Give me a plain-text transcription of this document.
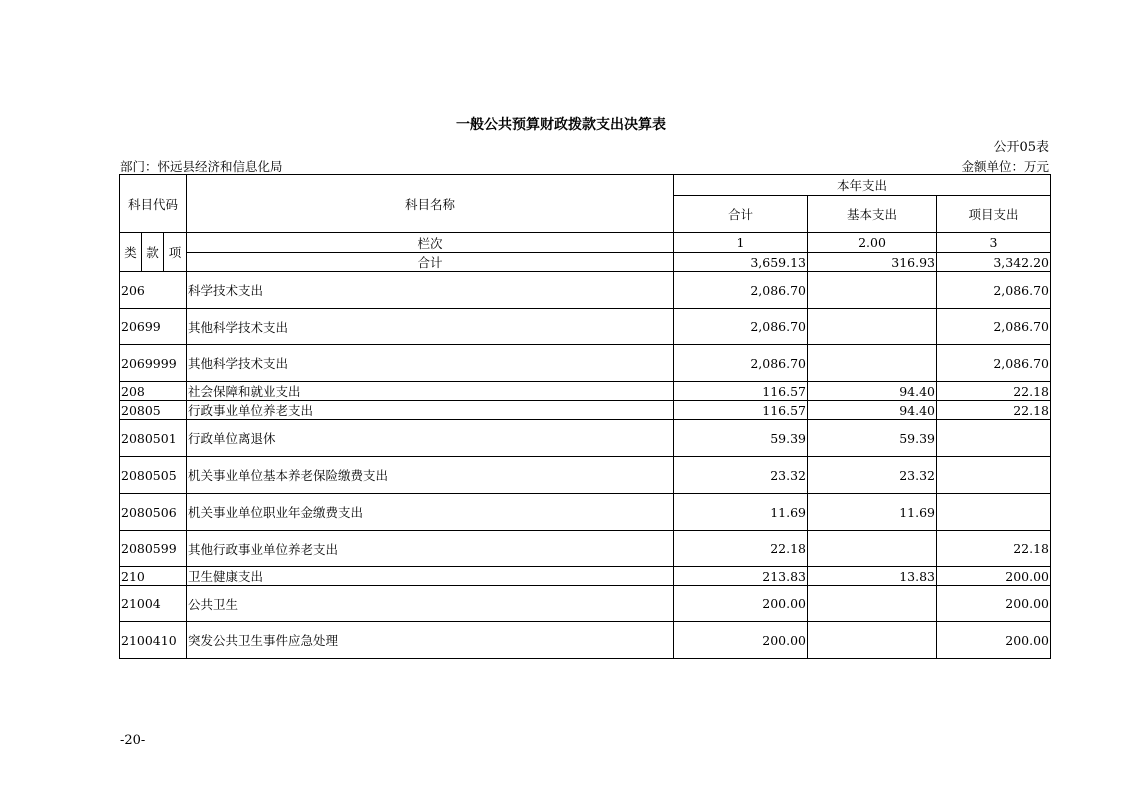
一般公共预算财政拨款支出决算表
公开05表
部门：怀远县经济和信息化局	金额单位：万元
科目代码			科目名称	本年支出		
				合计	基本支出	项目支出
类	款	项	栏次	1	2.00	3
			合计	3,659.13	316.93	3,342.20
206			科学技术支出	2,086.70		2,086.70
20699			其他科学技术支出	2,086.70		2,086.70
2069999			其他科学技术支出	2,086.70		2,086.70
208			社会保障和就业支出	116.57	94.40	22.18
20805			行政事业单位养老支出	116.57	94.40	22.18
2080501			行政单位离退休	59.39	59.39	
2080505			机关事业单位基本养老保险缴费支出	23.32	23.32	
2080506			机关事业单位职业年金缴费支出	11.69	11.69	
2080599			其他行政事业单位养老支出	22.18		22.18
210			卫生健康支出	213.83	13.83	200.00
21004			公共卫生	200.00		200.00
2100410			突发公共卫生事件应急处理	200.00		200.00
-20-
